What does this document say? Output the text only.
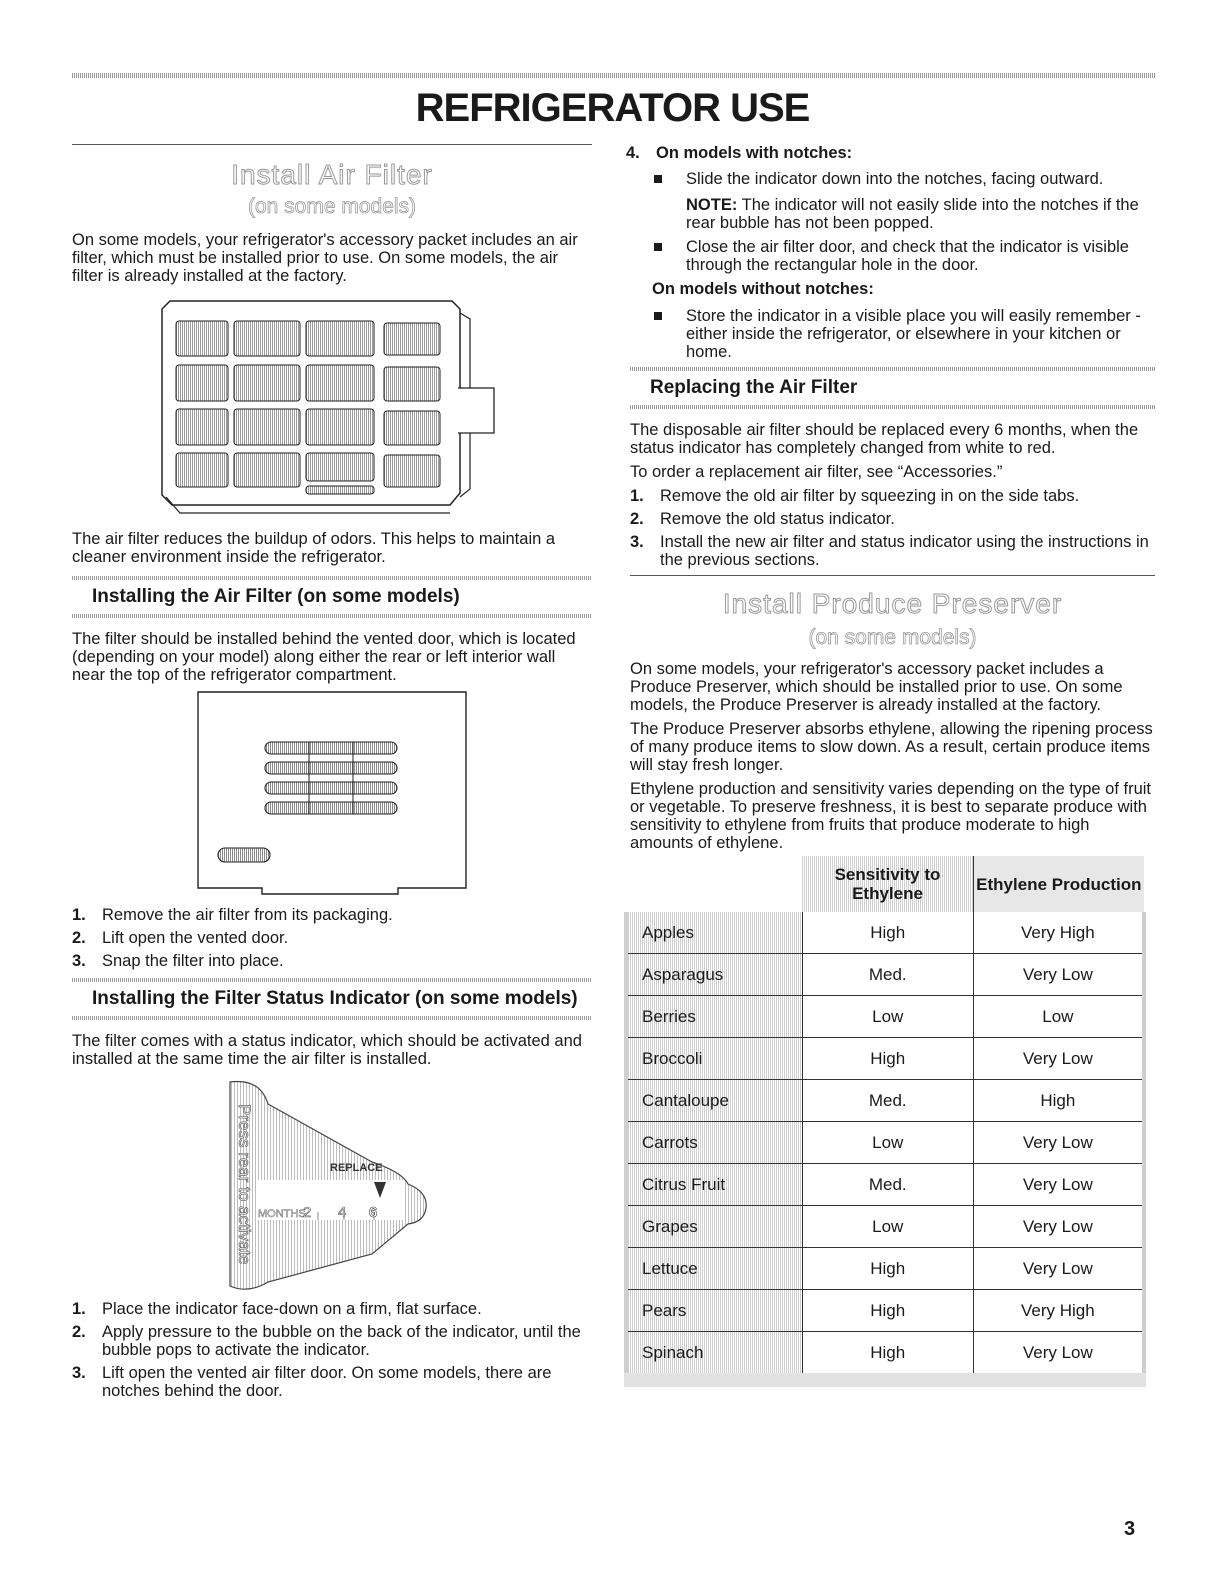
REFRIGERATOR USE
Install Air Filter
(on some models)

On some models, your refrigerator's accessory packet includes an air filter, which must be installed prior to use. On some models, the air filter is already installed at the factory.

The air filter reduces the buildup of odors. This helps to maintain a cleaner environment inside the refrigerator.

Installing the Air Filter (on some models)

The filter should be installed behind the vented door, which is located (depending on your model) along either the rear or left interior wall near the top of the refrigerator compartment.

1. Remove the air filter from its packaging.
2. Lift open the vented door.
3. Snap the filter into place.
Installing the Filter Status Indicator (on some models)

The filter comes with a status indicator, which should be activated and installed at the same time the air filter is installed.

Press rear to activate	REPLACE
MONTHS
2 4 6
1. Place the indicator face-down on a firm, flat surface.
2. Apply pressure to the bubble on the back of the indicator, until the bubble pops to activate the indicator.
3. Lift open the vented air filter door. On some models, there are notches behind the door.
4. On models with notches:
Slide the indicator down into the notches, facing outward.
NOTE: The indicator will not easily slide into the notches if the rear bubble has not been popped.
Close the air filter door, and check that the indicator is visible through the rectangular hole in the door.
On models without notches:
Store the indicator in a visible place you will easily remember - either inside the refrigerator, or elsewhere in your kitchen or home.
Replacing the Air Filter

The disposable air filter should be replaced every 6 months, when the status indicator has completely changed from white to red.

To order a replacement air filter, see “Accessories.”

1. Remove the old air filter by squeezing in on the side tabs.
2. Remove the old status indicator.
3. Install the new air filter and status indicator using the instructions in the previous sections.
Install Produce Preserver
(on some models)

On some models, your refrigerator's accessory packet includes a Produce Preserver, which should be installed prior to use. On some models, the Produce Preserver is already installed at the factory.

The Produce Preserver absorbs ethylene, allowing the ripening process of many produce items to slow down. As a result, certain produce items will stay fresh longer.

Ethylene production and sensitivity varies depending on the type of fruit or vegetable. To preserve freshness, it is best to separate produce with sensitivity to ethylene from fruits that produce moderate to high amounts of ethylene.

	Sensitivity to Ethylene	Ethylene Production
Apples	High	Very High
Asparagus	Med.	Very Low
Berries	Low	Low
Broccoli	High	Very Low
Cantaloupe	Med.	High
Carrots	Low	Very Low
Citrus Fruit	Med.	Very Low
Grapes	Low	Very Low
Lettuce	High	Very Low
Pears	High	Very High
Spinach	High	Very Low

3
